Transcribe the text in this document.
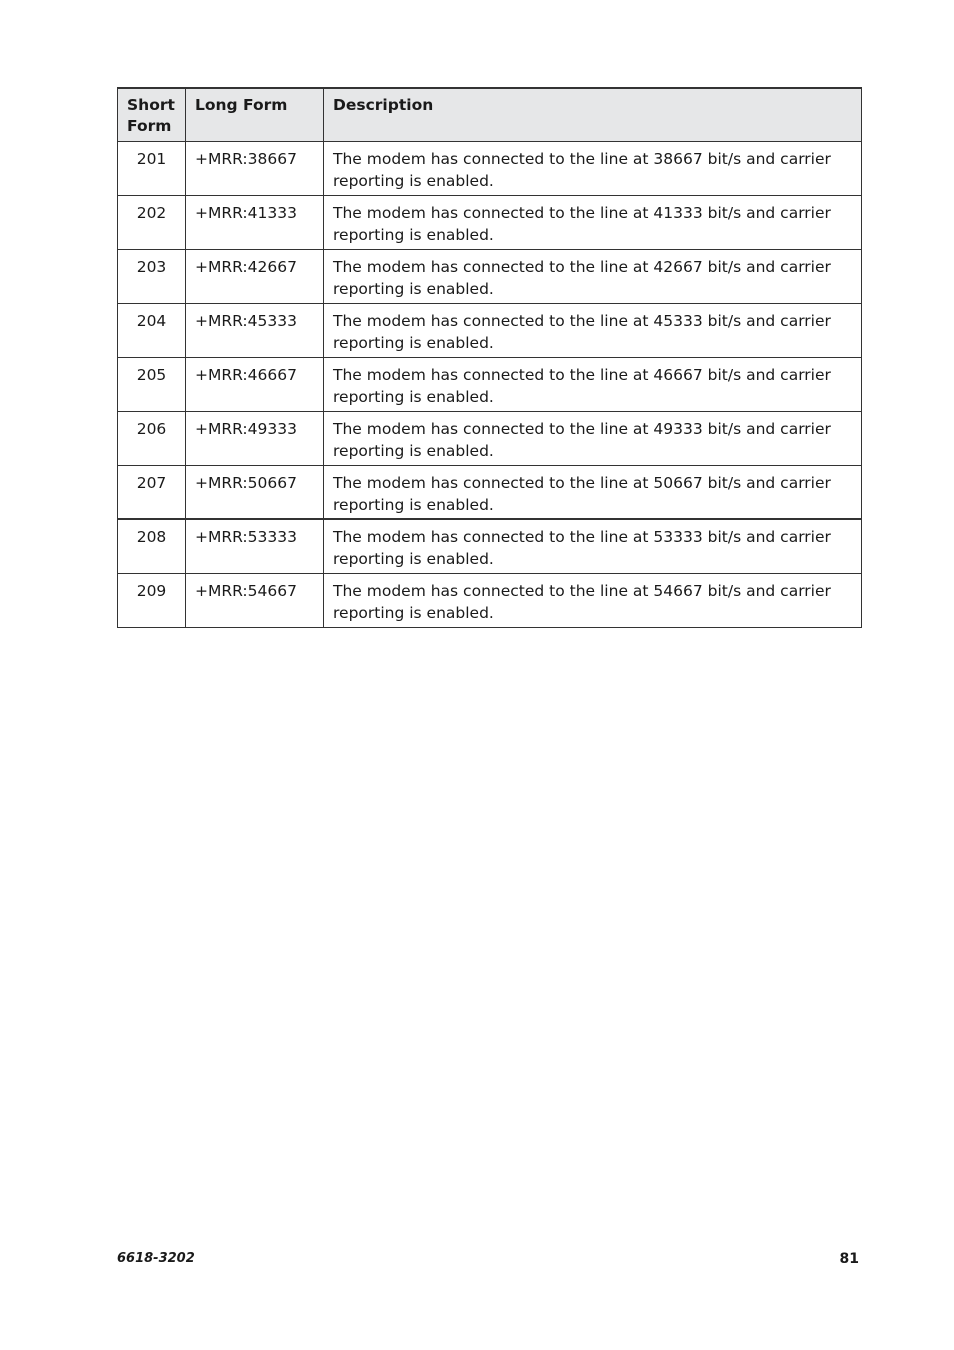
Short Form	Long Form	Description
201	+MRR:38667	The modem has connected to the line at 38667 bit/s and carrier reporting is enabled.
202	+MRR:41333	The modem has connected to the line at 41333 bit/s and carrier reporting is enabled.
203	+MRR:42667	The modem has connected to the line at 42667 bit/s and carrier reporting is enabled.
204	+MRR:45333	The modem has connected to the line at 45333 bit/s and carrier reporting is enabled.
205	+MRR:46667	The modem has connected to the line at 46667 bit/s and carrier reporting is enabled.
206	+MRR:49333	The modem has connected to the line at 49333 bit/s and carrier reporting is enabled.
207	+MRR:50667	The modem has connected to the line at 50667 bit/s and carrier reporting is enabled.
208	+MRR:53333	The modem has connected to the line at 53333 bit/s and carrier reporting is enabled.
209	+MRR:54667	The modem has connected to the line at 54667 bit/s and carrier reporting is enabled.
6618-3202	81
